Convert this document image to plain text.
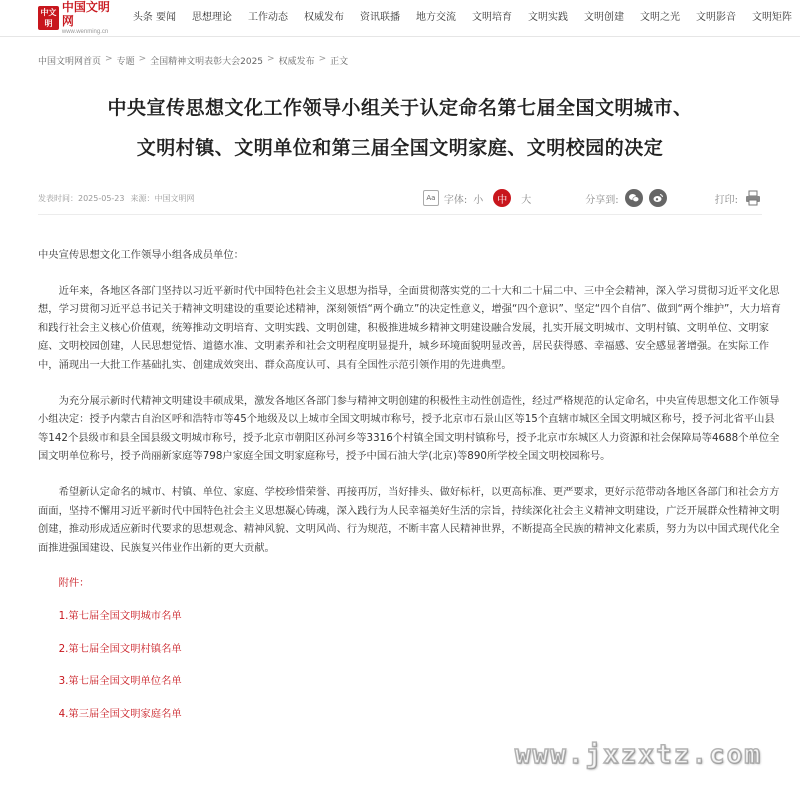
中文明
中国文明网
www.wenming.cn
头条 要闻	思想理论	工作动态	权威发布	资讯联播	地方交流	文明培育	文明实践	文明创建	文明之光	文明影音	文明矩阵
中国文明网首页 > 专题 > 全国精神文明表彰大会2025 > 权威发布 > 正文
中央宣传思想文化工作领导小组关于认定命名第七届全国文明城市、
文明村镇、文明单位和第三届全国文明家庭、文明校园的决定
发表时间：2025-05-23 来源：中国文明网	Aa 字体: 小	中	大	分享到:	打印:

中央宣传思想文化工作领导小组各成员单位：

近年来，各地区各部门坚持以习近平新时代中国特色社会主义思想为指导，全面贯彻落实党的二十大和二十届二中、三中全会精神，深入学习贯彻习近平文化思想，学习贯彻习近平总书记关于精神文明建设的重要论述精神，深刻领悟“两个确立”的决定性意义，增强“四个意识”、坚定“四个自信”、做到“两个维护”，大力培育和践行社会主义核心价值观，统筹推动文明培育、文明实践、文明创建，积极推进城乡精神文明建设融合发展，扎实开展文明城市、文明村镇、文明单位、文明家庭、文明校园创建，人民思想觉悟、道德水准、文明素养和社会文明程度明显提升，城乡环境面貌明显改善，居民获得感、幸福感、安全感显著增强。在实际工作中，涌现出一大批工作基础扎实、创建成效突出、群众高度认可、具有全国性示范引领作用的先进典型。

为充分展示新时代精神文明建设丰硕成果，激发各地区各部门参与精神文明创建的积极性主动性创造性，经过严格规范的认定命名，中央宣传思想文化工作领导小组决定：授予内蒙古自治区呼和浩特市等45个地级及以上城市全国文明城市称号，授予北京市石景山区等15个直辖市城区全国文明城区称号，授予河北省平山县等142个县级市和县全国县级文明城市称号，授予北京市朝阳区孙河乡等3316个村镇全国文明村镇称号，授予北京市东城区人力资源和社会保障局等4688个单位全国文明单位称号，授予尚丽新家庭等798户家庭全国文明家庭称号，授予中国石油大学(北京)等890所学校全国文明校园称号。

希望新认定命名的城市、村镇、单位、家庭、学校珍惜荣誉、再接再厉，当好排头、做好标杆，以更高标准、更严要求，更好示范带动各地区各部门和社会方方面面，坚持不懈用习近平新时代中国特色社会主义思想凝心铸魂，深入践行为人民幸福美好生活的宗旨，持续深化社会主义精神文明建设，广泛开展群众性精神文明创建，推动形成适应新时代要求的思想观念、精神风貌、文明风尚、行为规范，不断丰富人民精神世界，不断提高全民族的精神文化素质，努力为以中国式现代化全面推进强国建设、民族复兴伟业作出新的更大贡献。

附件：
1.第七届全国文明城市名单
2.第七届全国文明村镇名单
3.第七届全国文明单位名单
4.第三届全国文明家庭名单
www.jxzxtz.com
